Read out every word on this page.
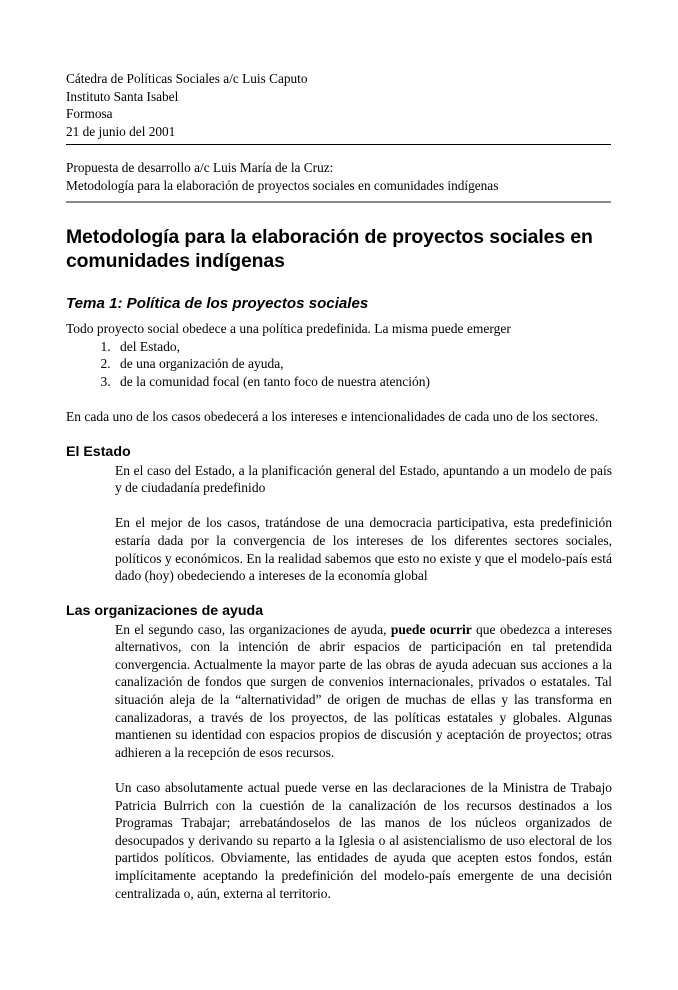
Cátedra de Políticas Sociales a/c Luis Caputo
Instituto Santa Isabel
Formosa
21 de junio del 2001
Propuesta de desarrollo a/c Luis María de la Cruz:
Metodología para la elaboración de proyectos sociales en comunidades indígenas
Metodología para la elaboración de proyectos sociales en comunidades indígenas
Tema 1: Política de los proyectos sociales

Todo proyecto social obedece a una política predefinida. La misma puede emerger

1. del Estado,
2. de una organización de ayuda,
3. de la comunidad focal (en tanto foco de nuestra atención)

En cada uno de los casos obedecerá a los intereses e intencionalidades de cada uno de los sectores.

El Estado

En el caso del Estado, a la planificación general del Estado, apuntando a un modelo de país y de ciudadanía predefinido

En el mejor de los casos, tratándose de una democracia participativa, esta predefinición estaría dada por la convergencia de los intereses de los diferentes sectores sociales, políticos y económicos. En la realidad sabemos que esto no existe y que el modelo-país está dado (hoy) obedeciendo a intereses de la economía global

Las organizaciones de ayuda

En el segundo caso, las organizaciones de ayuda, puede ocurrir que obedezca a intereses alternativos, con la intención de abrir espacios de participación en tal pretendida convergencia. Actualmente la mayor parte de las obras de ayuda adecuan sus acciones a la canalización de fondos que surgen de convenios internacionales, privados o estatales. Tal situación aleja de la “alternatividad” de origen de muchas de ellas y las transforma en canalizadoras, a través de los proyectos, de las políticas estatales y globales. Algunas mantienen su identidad con espacios propios de discusión y aceptación de proyectos; otras adhieren a la recepción de esos recursos.

Un caso absolutamente actual puede verse en las declaraciones de la Ministra de Trabajo Patricia Bulrrich con la cuestión de la canalización de los recursos destinados a los Programas Trabajar; arrebatándoselos de las manos de los núcleos organizados de desocupados y derivando su reparto a la Iglesia o al asistencialismo de uso electoral de los partidos políticos. Obviamente, las entidades de ayuda que acepten estos fondos, están implícitamente aceptando la predefinición del modelo-país emergente de una decisión centralizada o, aún, externa al territorio.
